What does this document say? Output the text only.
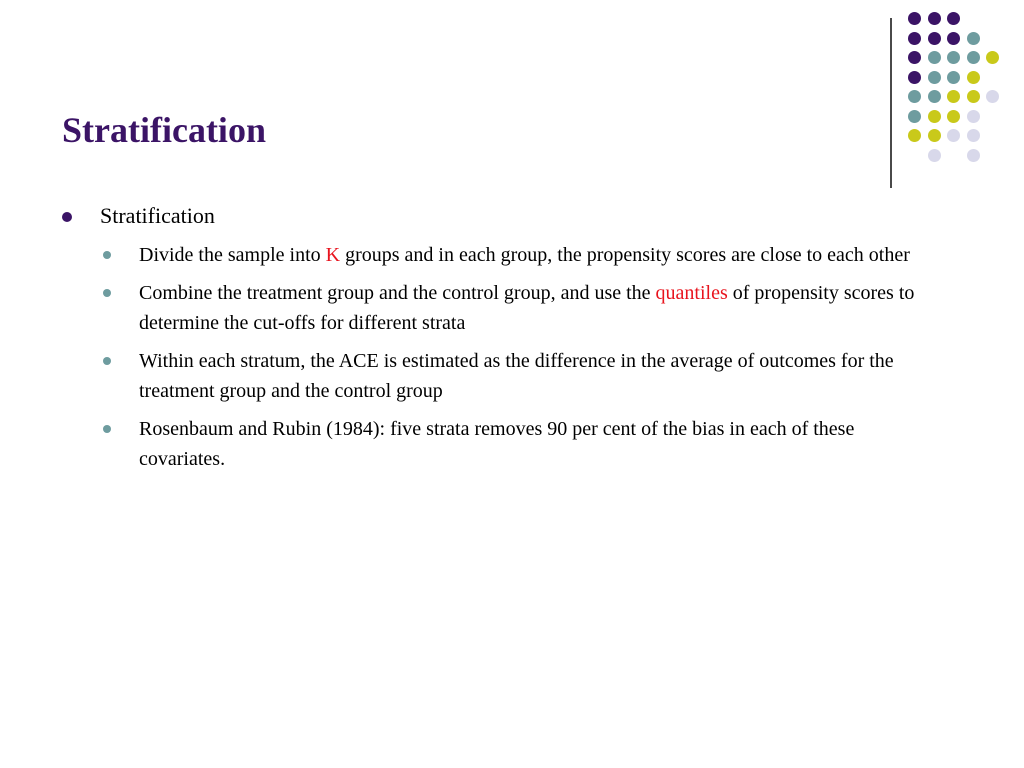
Stratification
Stratification
Divide the sample into K groups and in each group, the propensity scores are close to each other
Combine the treatment group and the control group, and use the quantiles of propensity scores to determine the cut-offs for different strata
Within each stratum, the ACE is estimated as the difference in the average of outcomes for the treatment group and the control group
Rosenbaum and Rubin (1984): five strata removes 90 per cent of the bias in each of these covariates.
